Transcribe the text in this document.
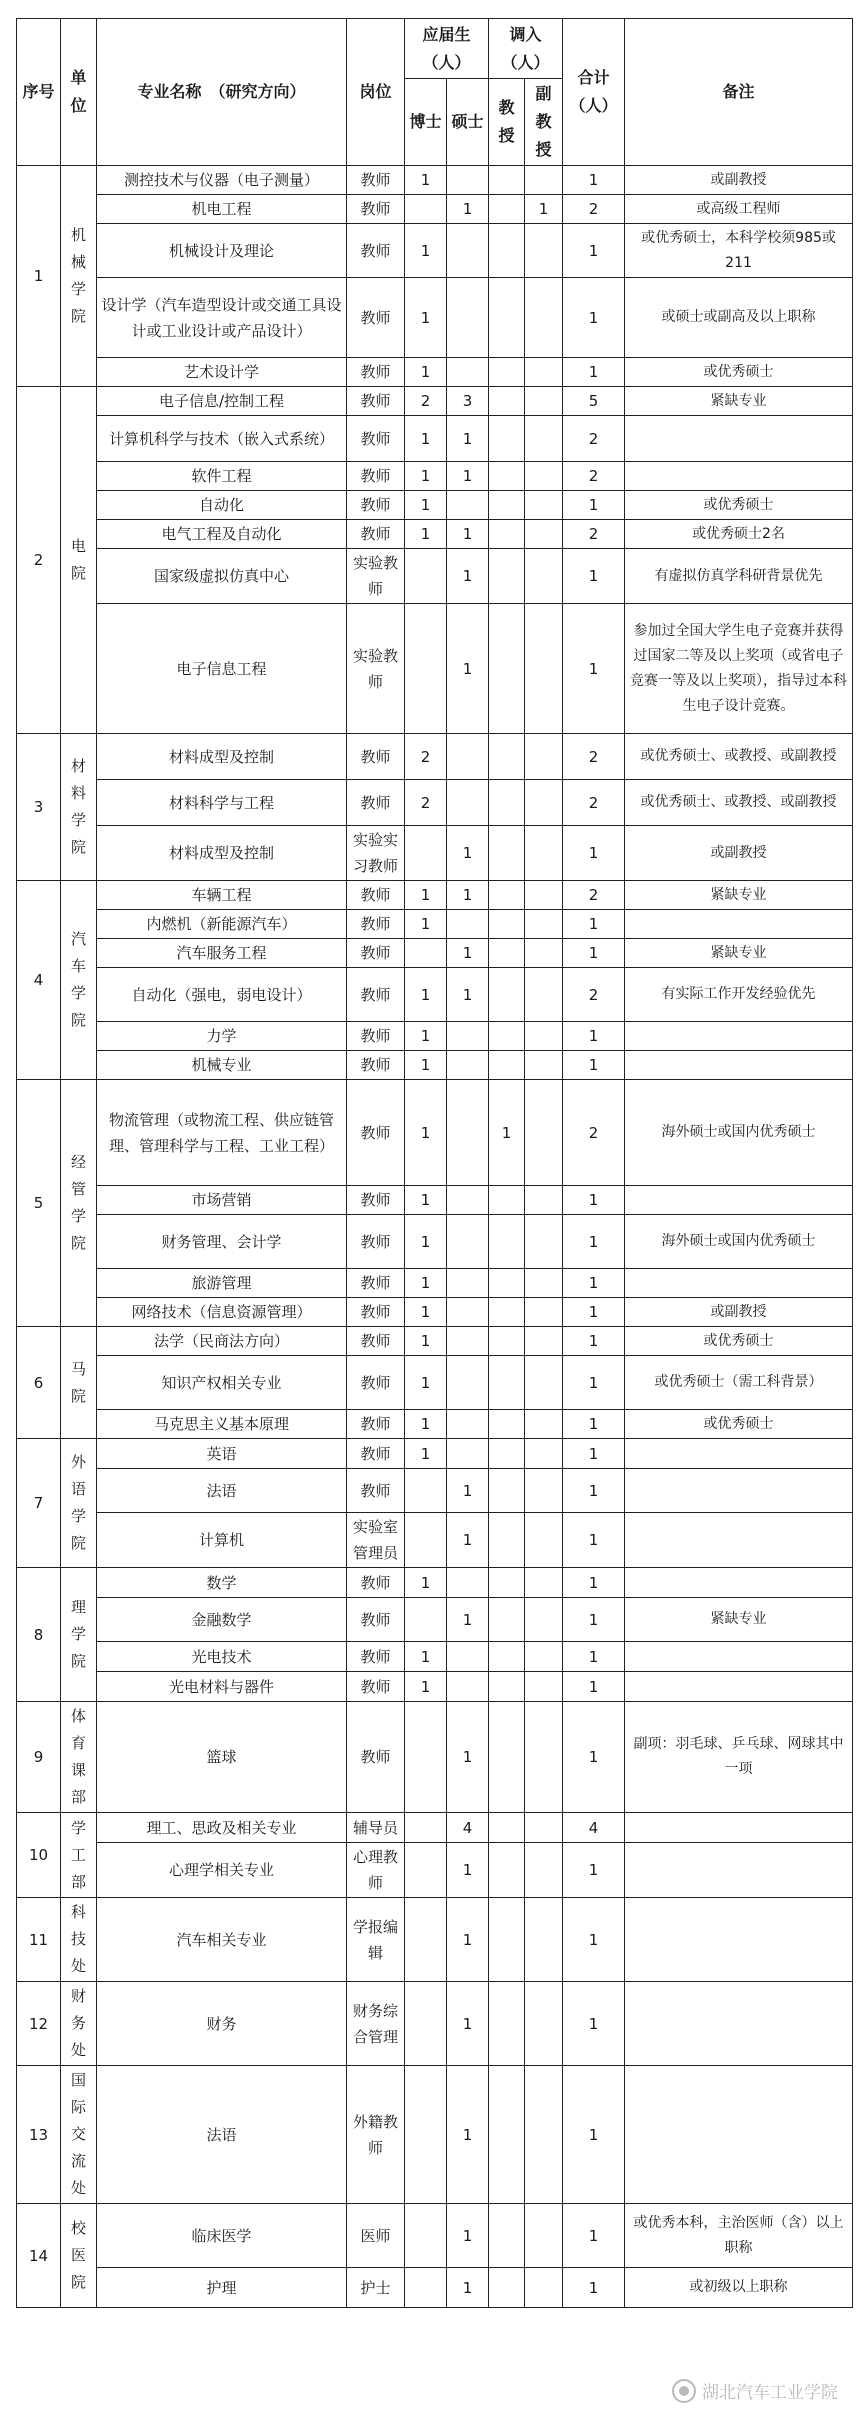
序号	单位	专业名称　（研究方向）	岗位	应届生（人）		调入（人）		合计（人）	备注
				博士	硕士	教授	副教授		
1	机械学院	测控技术与仪器（电子测量）	教师	1				1	或副教授
		机电工程	教师		1		1	2	或高级工程师
		机械设计及理论	教师	1				1	或优秀硕士，本科学校须985或211
		设计学（汽车造型设计或交通工具设计或工业设计或产品设计）	教师	1				1	或硕士或副高及以上职称
		艺术设计学	教师	1				1	或优秀硕士
2	电院	电子信息/控制工程	教师	2	3			5	紧缺专业
		计算机科学与技术（嵌入式系统）	教师	1	1			2	
		软件工程	教师	1	1			2	
		自动化	教师	1				1	或优秀硕士
		电气工程及自动化	教师	1	1			2	或优秀硕士2名
		国家级虚拟仿真中心	实验教师		1			1	有虚拟仿真学科研背景优先
		电子信息工程	实验教师		1			1	参加过全国大学生电子竞赛并获得过国家二等及以上奖项（或省电子竞赛一等及以上奖项），指导过本科生电子设计竞赛。
3	材料学院	材料成型及控制	教师	2				2	或优秀硕士、或教授、或副教授
		材料科学与工程	教师	2				2	或优秀硕士、或教授、或副教授
		材料成型及控制	实验实习教师		1			1	或副教授
4	汽车学院	车辆工程	教师	1	1			2	紧缺专业
		内燃机（新能源汽车）	教师	1				1	
		汽车服务工程	教师		1			1	紧缺专业
		自动化（强电，弱电设计）	教师	1	1			2	有实际工作开发经验优先
		力学	教师	1				1	
		机械专业	教师	1				1	
5	经管学院	物流管理（或物流工程、供应链管理、管理科学与工程、工业工程）	教师	1		1		2	海外硕士或国内优秀硕士
		市场营销	教师	1				1	
		财务管理、会计学	教师	1				1	海外硕士或国内优秀硕士
		旅游管理	教师	1				1	
		网络技术（信息资源管理）	教师	1				1	或副教授
6	马院	法学（民商法方向）	教师	1				1	或优秀硕士
		知识产权相关专业	教师	1				1	或优秀硕士（需工科背景）
		马克思主义基本原理	教师	1				1	或优秀硕士
7	外语学院	英语	教师	1				1	
		法语	教师		1			1	
		计算机	实验室管理员		1			1	
8	理学院	数学	教师	1				1	
		金融数学	教师		1			1	紧缺专业
		光电技术	教师	1				1	
		光电材料与器件	教师	1				1	
9	体育课部	篮球	教师		1			1	副项：羽毛球、乒乓球、网球其中一项
10	学工部	理工、思政及相关专业	辅导员		4			4	
		心理学相关专业	心理教师		1			1	
11	科技处	汽车相关专业	学报编辑		1			1	
12	财务处	财务	财务综合管理		1			1	
13	国际交流处	法语	外籍教师		1			1	
14	校医院	临床医学	医师		1			1	或优秀本科，主治医师（含）以上职称
		护理	护士		1			1	或初级以上职称
湖北汽车工业学院
